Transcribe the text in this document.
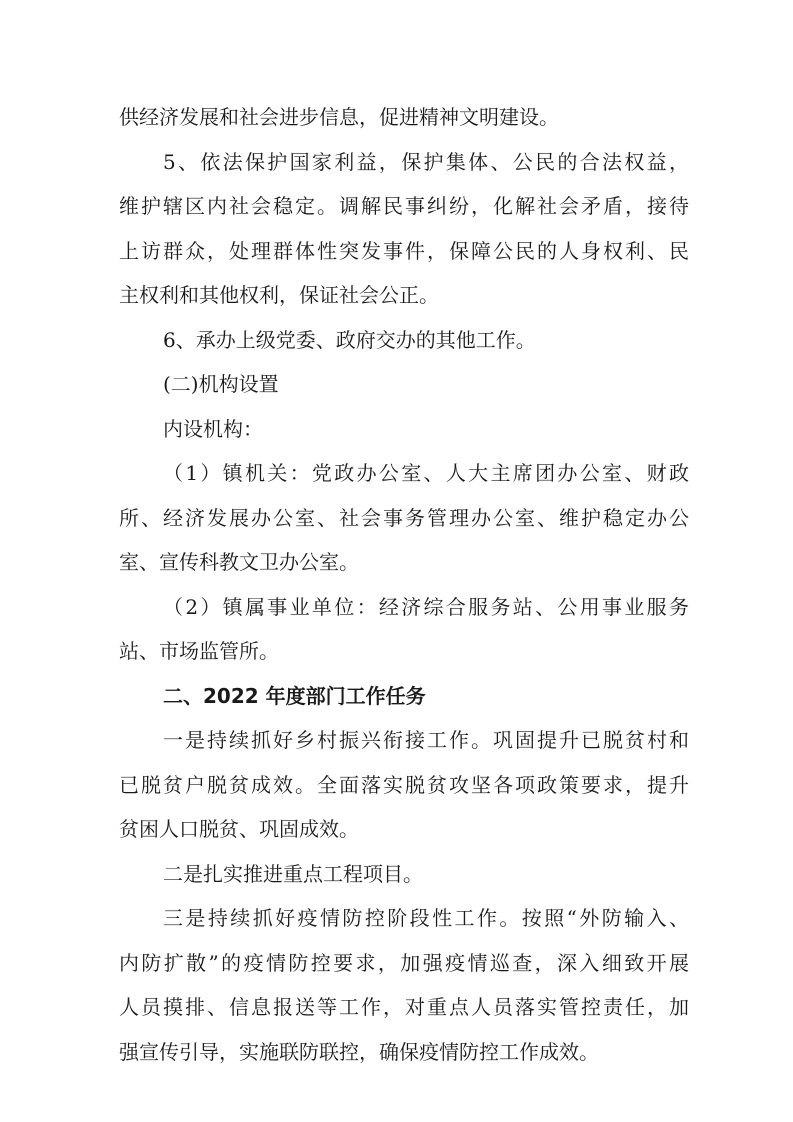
供经济发展和社会进步信息，促进精神文明建设。
5、依法保护国家利益，保护集体、公民的合法权益，
维护辖区内社会稳定。调解民事纠纷，化解社会矛盾，接待
上访群众，处理群体性突发事件，保障公民的人身权利、民
主权利和其他权利，保证社会公正。
6、承办上级党委、政府交办的其他工作。
(二)机构设置
内设机构：
（1）镇机关：党政办公室、人大主席团办公室、财政
所、经济发展办公室、社会事务管理办公室、维护稳定办公
室、宣传科教文卫办公室。
（2）镇属事业单位：经济综合服务站、公用事业服务
站、市场监管所。
二、2022 年度部门工作任务
一是持续抓好乡村振兴衔接工作。巩固提升已脱贫村和
已脱贫户脱贫成效。全面落实脱贫攻坚各项政策要求，提升
贫困人口脱贫、巩固成效。
二是扎实推进重点工程项目。
三是持续抓好疫情防控阶段性工作。按照“外防输入、
内防扩散”的疫情防控要求，加强疫情巡查，深入细致开展
人员摸排、信息报送等工作，对重点人员落实管控责任，加
强宣传引导，实施联防联控，确保疫情防控工作成效。
